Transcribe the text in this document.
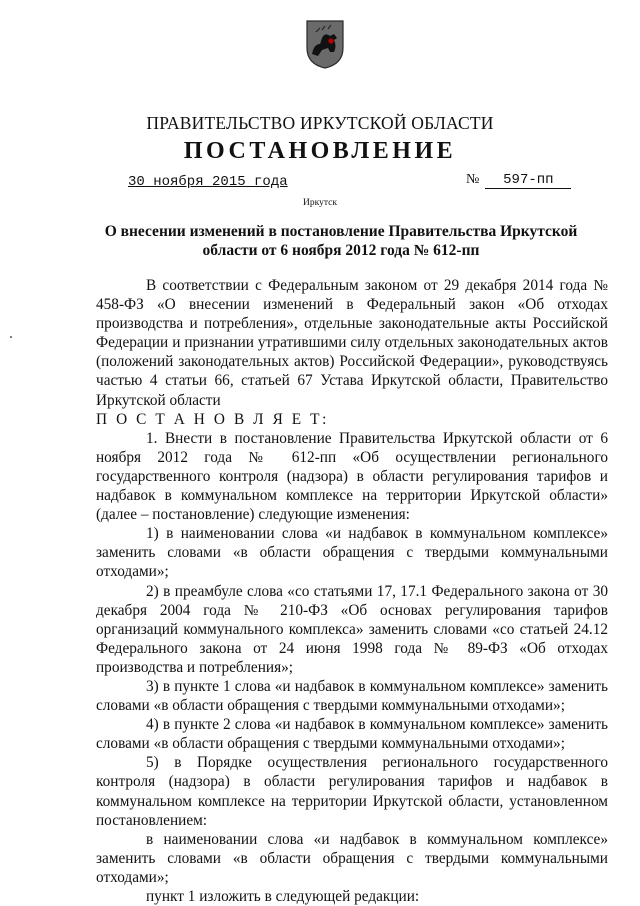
ПРАВИТЕЛЬСТВО ИРКУТСКОЙ ОБЛАСТИ
ПОСТАНОВЛЕНИЕ
30 ноября 2015 года	№ 597-пп
Иркутск
О внесении изменений в постановление Правительства Иркутской области от 6 ноября 2012 года № 612-пп

В соответствии с Федеральным законом от 29 декабря 2014 года № 458-ФЗ «О внесении изменений в Федеральный закон «Об отходах производства и потребления», отдельные законодательные акты Российской Федерации и признании утратившими силу отдельных законодательных актов (положений законодательных актов) Российской Федерации», руководствуясь частью 4 статьи 66, статьей 67 Устава Иркутской области, Правительство Иркутской области

П О С Т А Н О В Л Я Е Т:

1. Внести в постановление Правительства Иркутской области от 6 ноября 2012 года № 612-пп «Об осуществлении регионального государственного контроля (надзора) в области регулирования тарифов и надбавок в коммунальном комплексе на территории Иркутской области» (далее – постановление) следующие изменения:

1) в наименовании слова «и надбавок в коммунальном комплексе» заменить словами «в области обращения с твердыми коммунальными отходами»;

2) в преамбуле слова «со статьями 17, 17.1 Федерального закона от 30 декабря 2004 года № 210-ФЗ «Об основах регулирования тарифов организаций коммунального комплекса» заменить словами «со статьей 24.12 Федерального закона от 24 июня 1998 года № 89-ФЗ «Об отходах производства и потребления»;

3) в пункте 1 слова «и надбавок в коммунальном комплексе» заменить словами «в области обращения с твердыми коммунальными отходами»;

4) в пункте 2 слова «и надбавок в коммунальном комплексе» заменить словами «в области обращения с твердыми коммунальными отходами»;

5) в Порядке осуществления регионального государственного контроля (надзора) в области регулирования тарифов и надбавок в коммунальном комплексе на территории Иркутской области, установленном постановлением:

в наименовании слова «и надбавок в коммунальном комплексе» заменить словами «в области обращения с твердыми коммунальными отходами»;

пункт 1 изложить в следующей редакции:
